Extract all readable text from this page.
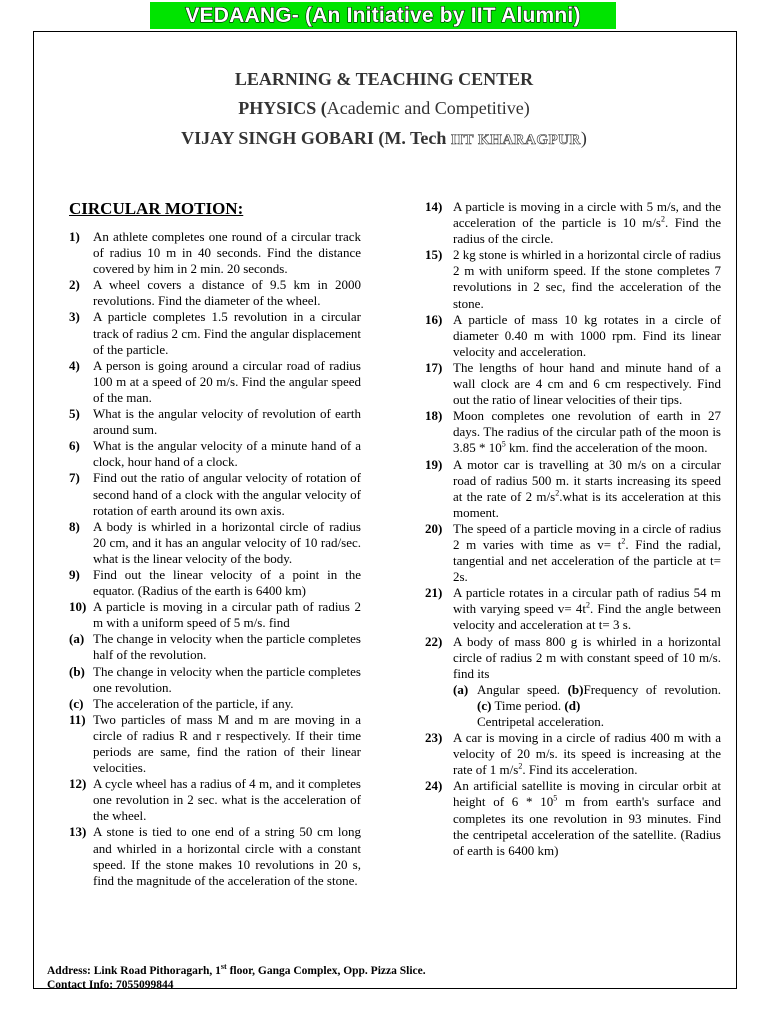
VEDAANG- (An Initiative by IIT Alumni)
LEARNING & TEACHING CENTER
PHYSICS (Academic and Competitive)
VIJAY SINGH GOBARI (M. Tech IIT KHARAGPUR)
CIRCULAR MOTION:
1) An athlete completes one round of a circular track of radius 10 m in 40 seconds. Find the distance covered by him in 2 min. 20 seconds.
2) A wheel covers a distance of 9.5 km in 2000 revolutions. Find the diameter of the wheel.
3) A particle completes 1.5 revolution in a circular track of radius 2 cm. Find the angular displacement of the particle.
4) A person is going around a circular road of radius 100 m at a speed of 20 m/s. Find the angular speed of the man.
5) What is the angular velocity of revolution of earth around sum.
6) What is the angular velocity of a minute hand of a clock, hour hand of a clock.
7) Find out the ratio of angular velocity of rotation of second hand of a clock with the angular velocity of rotation of earth around its own axis.
8) A body is whirled in a horizontal circle of radius 20 cm, and it has an angular velocity of 10 rad/sec. what is the linear velocity of the body.
9) Find out the linear velocity of a point in the equator. (Radius of the earth is 6400 km)
10) A particle is moving in a circular path of radius 2 m with a uniform speed of 5 m/s. find
(a) The change in velocity when the particle completes half of the revolution.
(b) The change in velocity when the particle completes one revolution.
(c) The acceleration of the particle, if any.
11) Two particles of mass M and m are moving in a circle of radius R and r respectively. If their time periods are same, find the ration of their linear velocities.
12) A cycle wheel has a radius of 4 m, and it completes one revolution in 2 sec. what is the acceleration of the wheel.
13) A stone is tied to one end of a string 50 cm long and whirled in a horizontal circle with a constant speed. If the stone makes 10 revolutions in 20 s, find the magnitude of the acceleration of the stone.
14) A particle is moving in a circle with 5 m/s, and the acceleration of the particle is 10 $m/s^2$. Find the radius of the circle.
15) 2 kg stone is whirled in a horizontal circle of radius 2 m with uniform speed. If the stone completes 7 revolutions in 2 sec, find the acceleration of the stone.
16) A particle of mass 10 kg rotates in a circle of diameter 0.40 m with 1000 rpm. Find its linear velocity and acceleration.
17) The lengths of hour hand and minute hand of a wall clock are 4 cm and 6 cm respectively. Find out the ratio of linear velocities of their tips.
18) Moon completes one revolution of earth in 27 days. The radius of the circular path of the moon is $3.85 * 10^5$ km. find the acceleration of the moon.
19) A motor car is travelling at 30 m/s on a circular road of radius 500 m. it starts increasing its speed at the rate of 2 $m/s^2.what$ is its acceleration at this moment.
20) The speed of a particle moving in a circle of radius 2 m varies with time as $v= t^2$. Find the radial, tangential and net acceleration of the particle at t= 2s.
21) A particle rotates in a circular path of radius 54 m with varying speed $v= 4t^2$. Find the angle between velocity and acceleration at t= 3 s.
22) A body of mass 800 g is whirled in a horizontal circle of radius 2 m with constant speed of 10 m/s. find its
(a) Angular speed. (b)Frequency of revolution. (c) Time period. (d)
Centripetal acceleration.
23) A car is moving in a circle of radius 400 m with a velocity of 20 m/s. its speed is increasing at the rate of 1 $m/s^2$. Find its acceleration.
24) An artificial satellite is moving in circular orbit at height of $6 * 10^5$ m from earth's surface and completes its one revolution in 93 minutes. Find the centripetal acceleration of the satellite. (Radius of earth is 6400 km)
Address: Link Road Pithoragarh, 1st floor, Ganga Complex, Opp. Pizza Slice.
Contact Info: 7055099844
